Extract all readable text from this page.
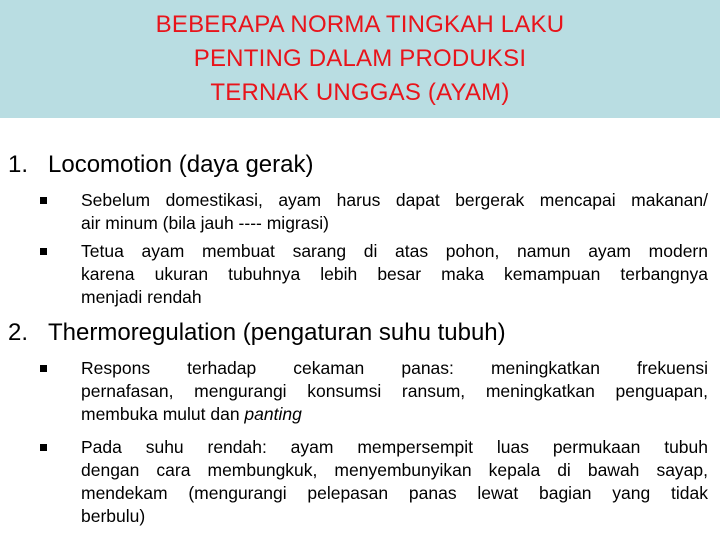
BEBERAPA NORMA TINGKAH LAKU
PENTING DALAM PRODUKSI
TERNAK UNGGAS (AYAM)
1. Locomotion (daya gerak)
Sebelum domestikasi, ayam harus dapat bergerak mencapai makanan/
air minum (bila jauh ---- migrasi)
Tetua ayam membuat sarang di atas pohon, namun ayam modern
karena ukuran tubuhnya lebih besar maka kemampuan terbangnya
menjadi rendah
2. Thermoregulation (pengaturan suhu tubuh)
Respons terhadap cekaman panas: meningkatkan frekuensi
pernafasan, mengurangi konsumsi ransum, meningkatkan penguapan,
membuka mulut dan panting
Pada suhu rendah: ayam mempersempit luas permukaan tubuh
dengan cara membungkuk, menyembunyikan kepala di bawah sayap,
mendekam (mengurangi pelepasan panas lewat bagian yang tidak
berbulu)
